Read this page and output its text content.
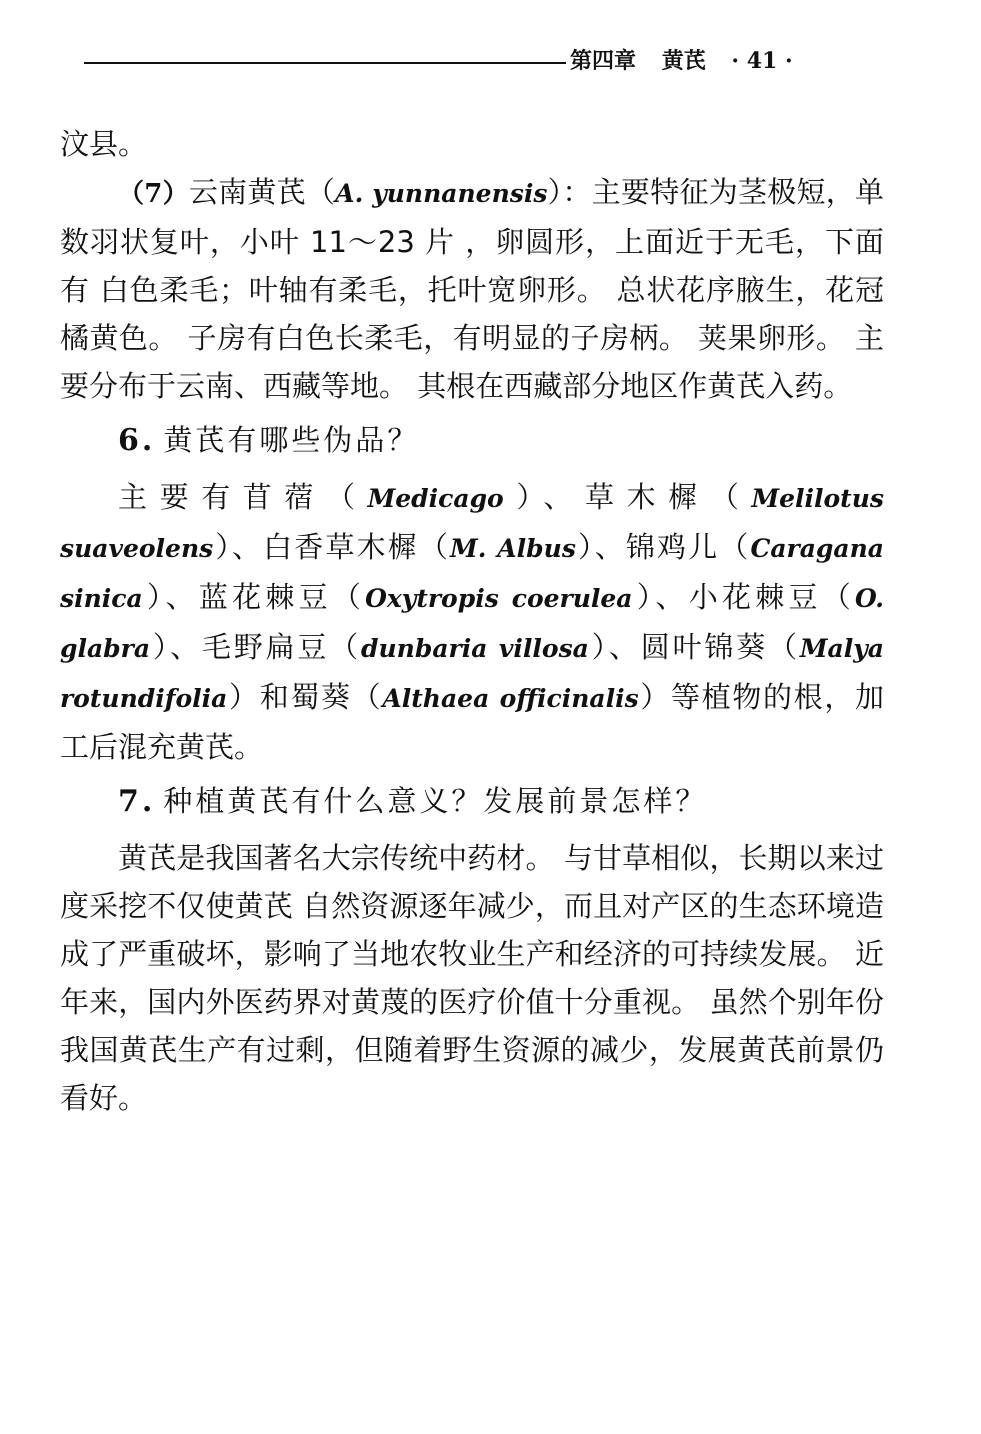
第四章 黄芪 · 41 ·

汶县。

（7）云南黄芪（A. yunnanensis）：主要特征为茎极短，单数羽状复叶，小叶 11～23 片 ，卵圆形，上面近于无毛，下面有 白色柔毛；叶轴有柔毛，托叶宽卵形。 总状花序腋生，花冠橘黄色。 子房有白色长柔毛，有明显的子房柄。 荚果卵形。 主要分布于云南、西藏等地。 其根在西藏部分地区作黄芪入药。

6. 黄芪有哪些伪品？

主要有苜蓿（Medicago）、草木樨（Melilotus suaveolens）、白香草木樨（M. Albus）、锦鸡儿（Caragana sinica）、蓝花棘豆（Oxytropis coerulea）、小花棘豆（O. glabra）、毛野扁豆（dunbaria villosa）、圆叶锦葵（Malya rotundifolia）和蜀葵（Althaea officinalis）等植物的根，加工后混充黄芪。

7. 种植黄芪有什么意义？发展前景怎样？

黄芪是我国著名大宗传统中药材。 与甘草相似，长期以来过度采挖不仅使黄芪 自然资源逐年减少，而且对产区的生态环境造成了严重破坏，影响了当地农牧业生产和经济的可持续发展。 近年来，国内外医药界对黄蔑的医疗价值十分重视。 虽然个别年份我国黄芪生产有过剩，但随着野生资源的减少，发展黄芪前景仍看好。
